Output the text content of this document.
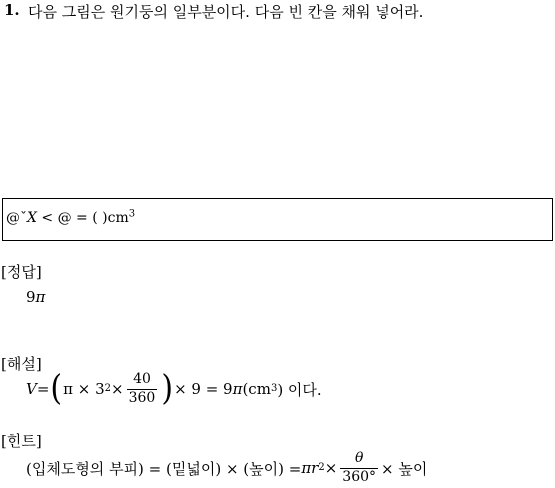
1. 다음 그림은 원기둥의 일부분이다. 다음 빈 칸을 채워 넣어라.
@ˇX < @ = ( )$cm^3$
[정답]
9π
[해설]
V = ( π × 3 $2 \times \frac{40}{360}$ ) × 9 = 9 π (cm 3 ) 이다.
[힌트]
(입체도형의 부피) = (밑넓이) × (높이) = π r $2 \times \frac{\theta}{360^\circ}$ × 높이
